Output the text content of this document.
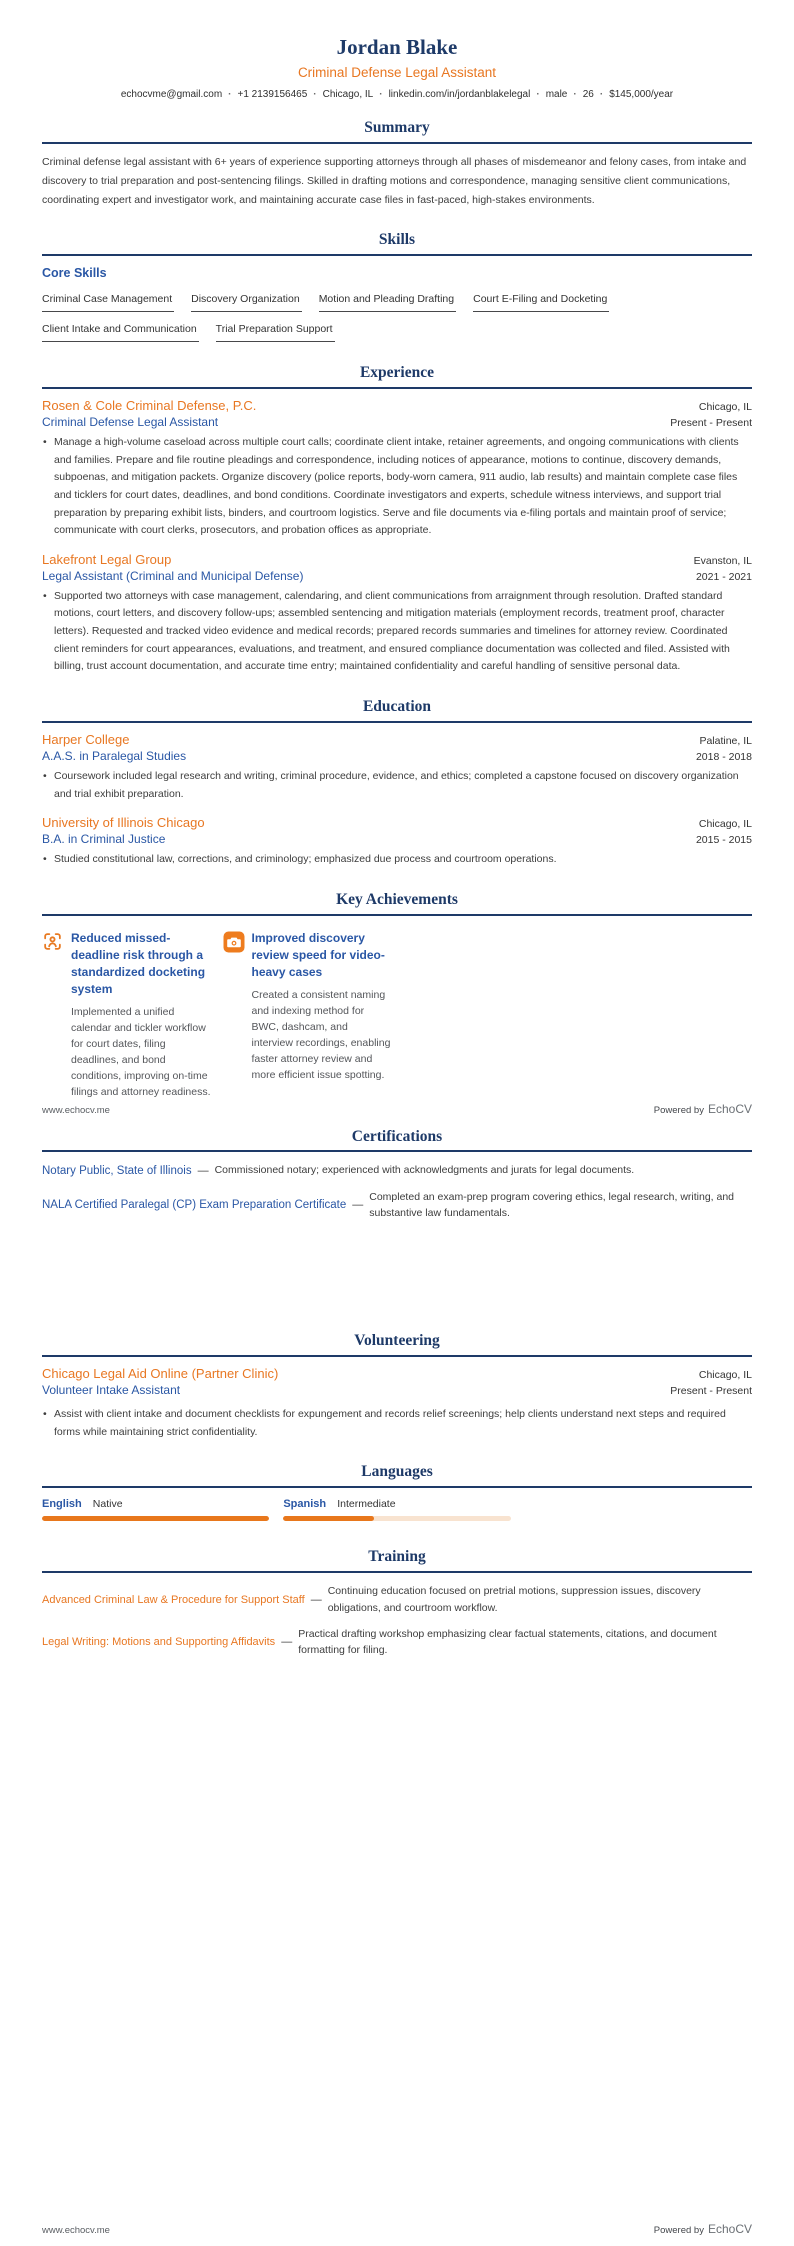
Jordan Blake
Criminal Defense Legal Assistant
echocvme@gmail.com · +1 2139156465 · Chicago, IL · linkedin.com/in/jordanblakelegal · male · 26 · $145,000/year
Summary

Criminal defense legal assistant with 6+ years of experience supporting attorneys through all phases of misdemeanor and felony cases, from intake and discovery to trial preparation and post-sentencing filings. Skilled in drafting motions and correspondence, managing sensitive client communications, coordinating expert and investigator work, and maintaining accurate case files in fast-paced, high-stakes environments.

Skills
Core Skills
Criminal Case Management Discovery Organization Motion and Pleading Drafting Court E-Filing and DocketingClient Intake and Communication Trial Preparation Support
Experience
Rosen & Cole Criminal Defense, P.C.	Chicago, IL
Criminal Defense Legal Assistant	Present - Present
• Manage a high-volume caseload across multiple court calls; coordinate client intake, retainer agreements, and ongoing communications with clients and families. Prepare and file routine pleadings and correspondence, including notices of appearance, motions to continue, discovery demands, subpoenas, and mitigation packets. Organize discovery (police reports, body-worn camera, 911 audio, lab results) and maintain complete case files and ticklers for court dates, deadlines, and bond conditions. Coordinate investigators and experts, schedule witness interviews, and support trial preparation by preparing exhibit lists, binders, and courtroom logistics. Serve and file documents via e-filing portals and maintain proof of service; communicate with court clerks, prosecutors, and probation offices as appropriate.
Lakefront Legal Group	Evanston, IL
Legal Assistant (Criminal and Municipal Defense)	2021 - 2021
• Supported two attorneys with case management, calendaring, and client communications from arraignment through resolution. Drafted standard motions, court letters, and discovery follow-ups; assembled sentencing and mitigation materials (employment records, treatment proof, character letters). Requested and tracked video evidence and medical records; prepared records summaries and timelines for attorney review. Coordinated client reminders for court appearances, evaluations, and treatment, and ensured compliance documentation was collected and filed. Assisted with billing, trust account documentation, and accurate time entry; maintained confidentiality and careful handling of sensitive personal data.
Education
Harper College	Palatine, IL
A.A.S. in Paralegal Studies	2018 - 2018
• Coursework included legal research and writing, criminal procedure, evidence, and ethics; completed a capstone focused on discovery organization and trial exhibit preparation.
University of Illinois Chicago	Chicago, IL
B.A. in Criminal Justice	2015 - 2015
• Studied constitutional law, corrections, and criminology; emphasized due process and courtroom operations.
Key Achievements
Reduced missed-deadline risk through a standardized docketing system
Implemented a unified calendar and tickler workflow for court dates, filing deadlines, and bond conditions, improving on-time filings and attorney readiness.
Improved discovery review speed for video-heavy cases
Created a consistent naming and indexing method for BWC, dashcam, and interview recordings, enabling faster attorney review and more efficient issue spotting.
Certifications
Notary Public, State of Illinois — Commissioned notary; experienced with acknowledgments and jurats for legal documents.
NALA Certified Paralegal (CP) Exam Preparation Certificate —
Completed an exam-prep program covering ethics, legal research, writing, and substantive law fundamentals.
Volunteering
Chicago Legal Aid Online (Partner Clinic)	Chicago, IL
Volunteer Intake Assistant	Present - Present
• Assist with client intake and document checklists for expungement and records relief screenings; help clients understand next steps and required forms while maintaining strict confidentiality.
Languages
English Native	Spanish Intermediate
Training
Advanced Criminal Law & Procedure for Support Staff —
Continuing education focused on pretrial motions, suppression issues, discovery obligations, and courtroom workflow.
Legal Writing: Motions and Supporting Affidavits —
Practical drafting workshop emphasizing clear factual statements, citations, and document formatting for filing.
www.echocv.me	Powered by EchoCV
www.echocv.me	Powered by EchoCV
